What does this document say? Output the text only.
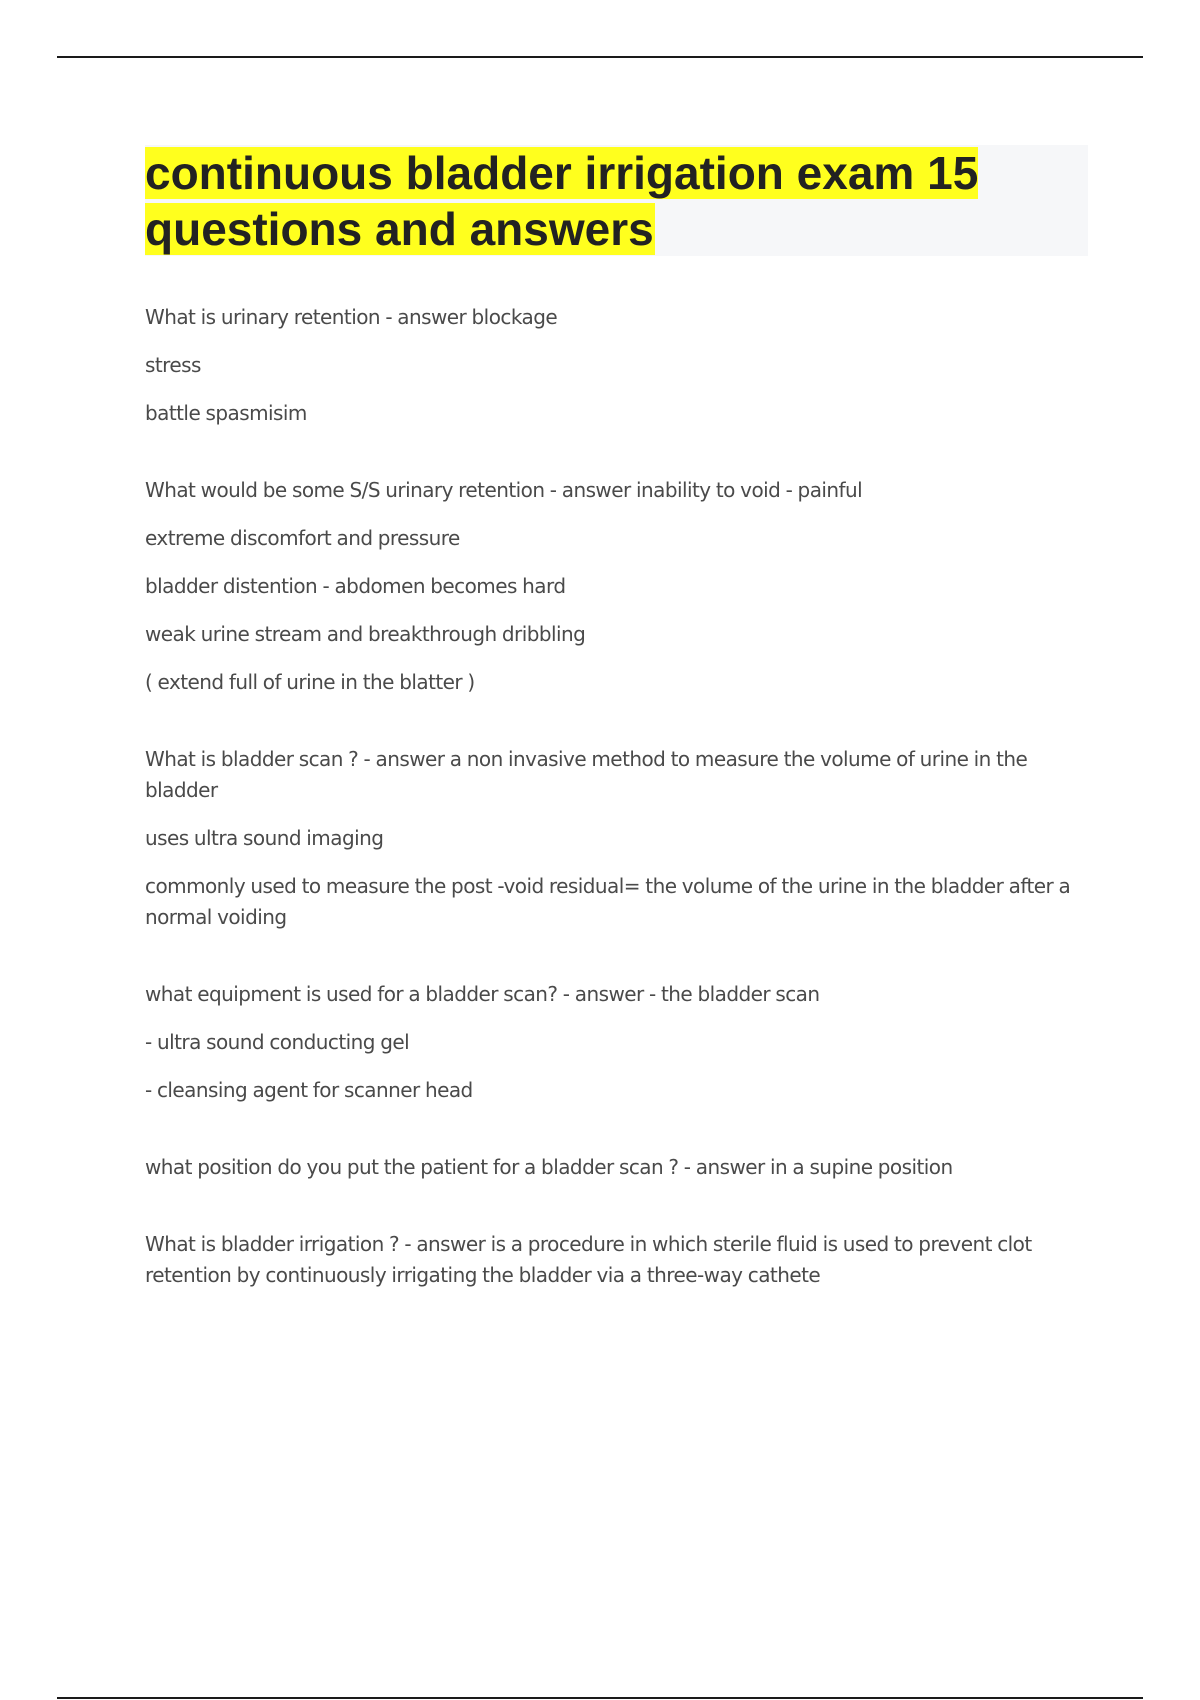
continuous bladder irrigation exam 15 questions and answers

What is urinary retention - answer blockage

stress

battle spasmisim

What would be some S/S urinary retention - answer inability to void - painful

extreme discomfort and pressure

bladder distention - abdomen becomes hard

weak urine stream and breakthrough dribbling

( extend full of urine in the blatter )

What is bladder scan ? - answer a non invasive method to measure the volume of urine in the bladder

uses ultra sound imaging

commonly used to measure the post -void residual= the volume of the urine in the bladder after a normal voiding

what equipment is used for a bladder scan? - answer - the bladder scan

- ultra sound conducting gel

- cleansing agent for scanner head

what position do you put the patient for a bladder scan ? - answer in a supine position

What is bladder irrigation ? - answer is a procedure in which sterile fluid is used to prevent clot retention by continuously irrigating the bladder via a three-way cathete
